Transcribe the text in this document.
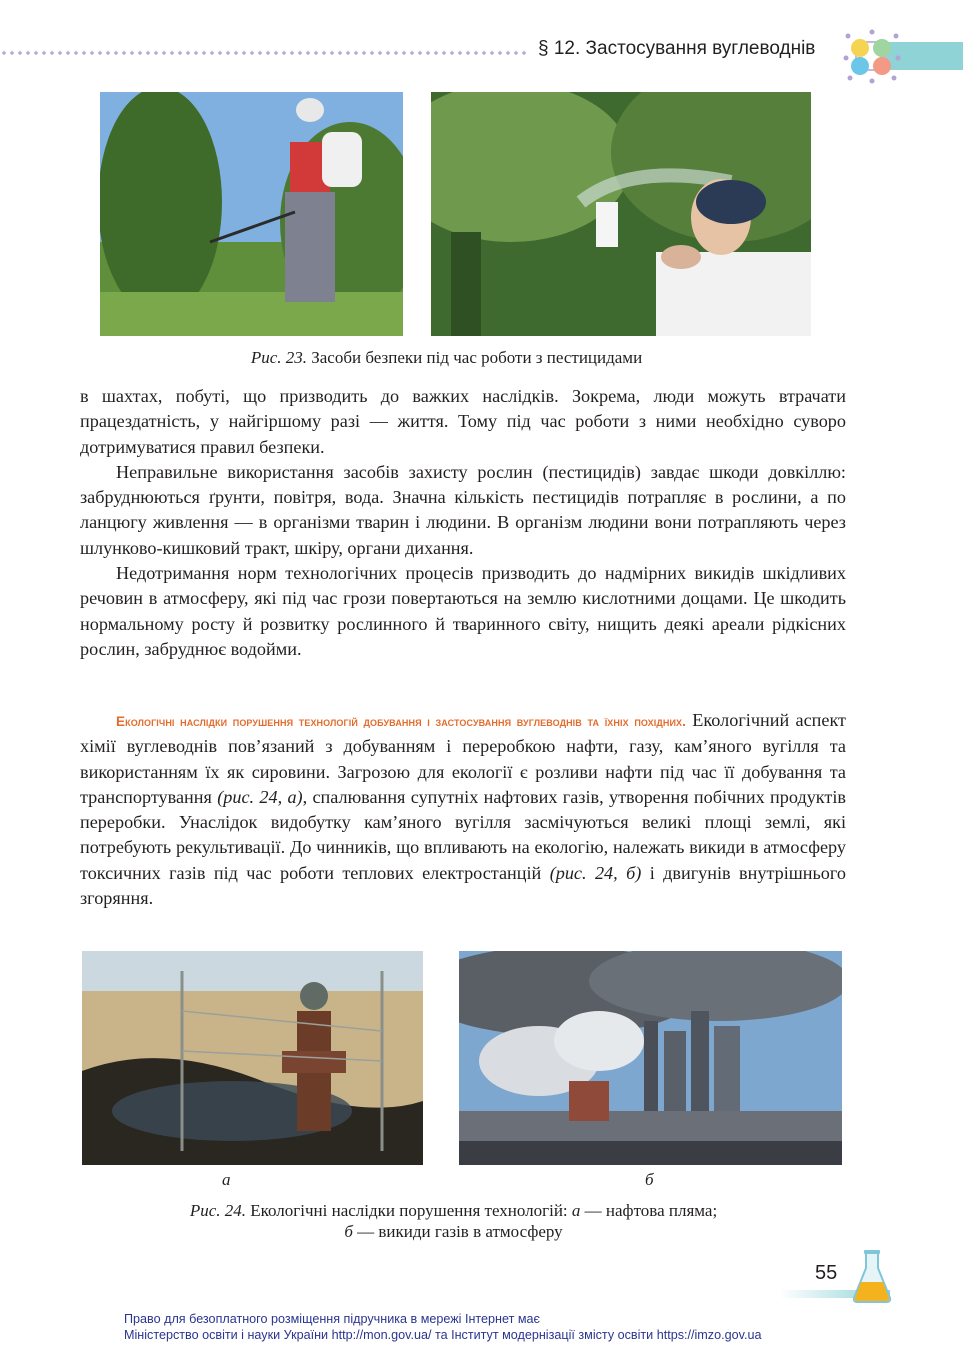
§ 12. Застосування вуглеводнів
Рис. 23. Засоби безпеки під час роботи з пестицидами

в шахтах, побуті, що призводить до важких наслідків. Зокрема, люди можуть втрачати працездатність, у найгіршому разі — життя. Тому під час роботи з ними необхідно суворо дотримуватися правил безпеки.

Неправильне використання засобів захисту рослин (пестицидів) завдає шкоди довкіллю: забруднюються ґрунти, повітря, вода. Значна кількість пестицидів потрапляє в рослини, а по ланцюгу живлення — в організми тварин і людини. В організм людини вони потрапляють через шлунково-кишковий тракт, шкіру, органи дихання.

Недотримання норм технологічних процесів призводить до надмірних викидів шкідливих речовин в атмосферу, які під час грози повертаються на землю кислотними дощами. Це шкодить нормальному росту й розвитку рослинного й тваринного світу, нищить деякі ареали рідкісних рослин, забруднює водойми.

Екологічні наслідки порушення технологій добування і застосування вуглеводнів та їхніх похідних. Екологічний аспект хімії вуглеводнів пов’язаний з добуванням і переробкою нафти, газу, кам’яного вугілля та використанням їх як сировини. Загрозою для екології є розливи нафти під час її добування та транспортування (рис. 24, а), спалювання супутніх нафтових газів, утворення побічних продуктів переробки. Унаслідок видобутку кам’яного вугілля засмічуються великі площі землі, які потребують рекультивації. До чинників, що впливають на екологію, належать викиди в атмосферу токсичних газів під час роботи теплових електростанцій (рис. 24, б) і двигунів внутрішнього згоряння.

а	б
Рис. 24. Екологічні наслідки порушення технологій: а — нафтова пляма;
б — викиди газів в атмосферу
55
Право для безоплатного розміщення підручника в мережі Інтернет має
Міністерство освіти і науки України http://mon.gov.ua/ та Інститут модернізації змісту освіти https://imzo.gov.ua
